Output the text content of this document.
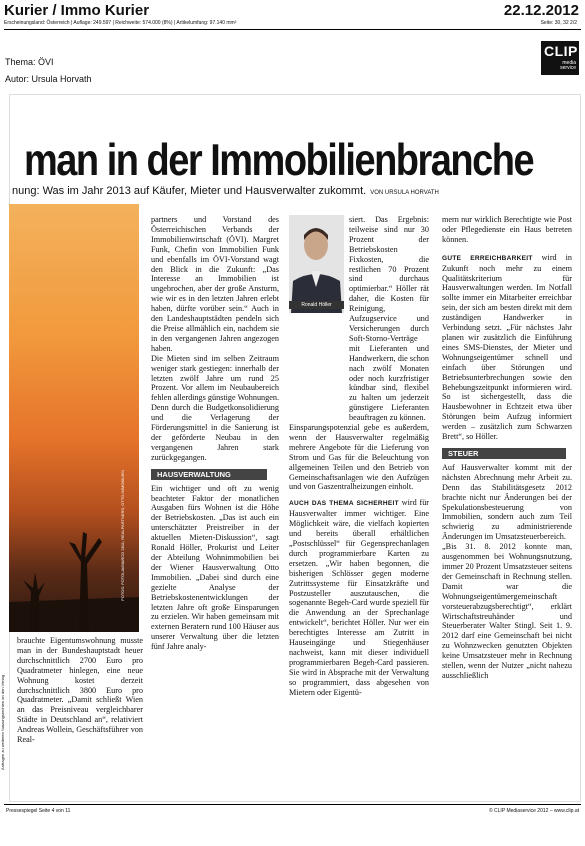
Kurier / Immo Kurier	22.12.2012
Erscheinungsland: Österreich | Auflage: 249.597 | Reichweite: 574.000 (8%) | Artikelumfang: 97.140 mm²	Seite: 30, 32 2/2
CLIP
media
service
Thema: ÖVI
Autor: Ursula Horvath
man in der Immobilienbranche
nung: Was im Jahr 2013 auf Käufer, Mieter und Hausverwalter zukommt. VON URSULA HORVATH
FOTOS: FOTOLIA/MARCO 2811; REALPARTNERS; OTTO IMMOBILIEN
Ronald Höller

partners und Vorstand des Österreichischen Verbands der Immobilienwirtschaft (ÖVI). Margret Funk, Chefin von Immobilien Funk und ebenfalls im ÖVI-Vorstand wagt den Blick in die Zukunft: „Das Interesse an Immobilien ist ungebrochen, aber der große Ansturm, wie wir es in den letzten Jahren erlebt haben, dürfte vorüber sein.“ Auch in den Landeshauptstädten pendeln sich die Preise allmählich ein, nachdem sie in den vergangenen Jahren angezogen haben.

Die Mieten sind im selben Zeitraum weniger stark gestiegen: innerhalb der letzten zwölf Jahre um rund 25 Prozent. Vor allem im Neubaubereich fehlen allerdings günstige Wohnungen. Denn durch die Budgetkonsolidierung und die Verlagerung der Förderungsmittel in die Sanierung ist der geförderte Neubau in den vergangenen Jahren stark zurückgegangen.

HAUSVERWALTUNG

Ein wichtiger und oft zu wenig beachteter Faktor der monatlichen Ausgaben fürs Wohnen ist die Höhe der Betriebskosten. „Das ist auch ein unterschätzter Preistreiber in der aktuellen Mieten-Diskussion“, sagt Ronald Höller, Prokurist und Leiter der Abteilung Wohnimmobilien bei der Wiener Hausverwaltung Otto Immobilien. „Dabei sind durch eine gezielte Analyse der Betriebskostenentwicklungen der letzten Jahre oft große Einsparungen zu erzielen. Wir haben gemeinsam mit externen Beratern rund 100 Häuser aus unserer Verwaltung über die letzten fünf Jahre analy-

brauchte Eigentumswohnung musste man in der Bundeshauptstadt heuer durchschnittlich 2700 Euro pro Quadratmeter hinlegen, eine neue Wohnung kostet derzeit durchschnittlich 3800 Euro pro Quadratmeter. „Damit schließt Wien an das Preisniveau vergleichbarer Städte in Deutschland an“, relativiert Andreas Wollein, Geschäftsführer von Real-

siert. Das Ergebnis: teilweise sind nur 30 Prozent der Betriebskosten Fixkosten, die restlichen 70 Prozent sind durchaus optimierbar.“ Höller rät daher, die Kosten für Reinigung, Aufzugservice und Versicherungen durch Soft-Storno-Verträge mit Lieferanten und Handwerkern, die schon nach zwölf Monaten oder noch kurzfristiger kündbar sind, flexibel zu halten um jederzeit günstigere Lieferanten beauftragen zu können.

Einsparungspotenzial gebe es außerdem, wenn der Hausverwalter regelmäßig mehrere Angebote für die Lieferung von Strom und Gas für die Beleuchtung von allgemeinen Teilen und den Betrieb von Gemeinschaftsanlagen wie den Aufzügen und von Gaszentralheizungen einholt.

AUCH DAS THEMA SICHERHEIT wird für Hausverwalter immer wichtiger. Eine Möglichkeit wäre, die vielfach kopierten und bereits überall erhältlichen „Postschlüssel“ für Gegensprechanlagen durch programmierbare Karten zu ersetzen. „Wir haben begonnen, die bisherigen Schlösser gegen moderne Zutrittssysteme für Einsatzkräfte und Postzusteller auszutauschen, die sogenannte Begeh-Card wurde speziell für die Anwendung an der Sprechanlage entwickelt“, berichtet Höller. Nur wer ein berechtigtes Interesse am Zutritt in Hauseingänge und Stiegenhäuser nachweist, kann mit dieser individuell programmierbaren Begeh-Card passieren. Sie wird in Absprache mit der Verwaltung so programmiert, dass abgesehen von Mietern oder Eigentü-

mern nur wirklich Berechtigte wie Post oder Pflegedienste ein Haus betreten können.

GUTE ERREICHBARKEIT wird in Zukunft noch mehr zu einem Qualitätskriterium für Hausverwaltungen werden. Im Notfall sollte immer ein Mitarbeiter erreichbar sein, der sich am besten direkt mit dem zuständigen Handwerker in Verbindung setzt. „Für nächstes Jahr planen wir zusätzlich die Einführung eines SMS-Dienstes, der Mieter und Wohnungseigentümer schnell und einfach über Störungen und Betriebsunterbrechungen sowie den Behebungszeitpunkt informieren wird. So ist sichergestellt, dass die Hausbewohner in Echtzeit etwa über Störungen beim Aufzug informiert werden – zusätzlich zum Schwarzen Brett“, so Höller.

STEUER

Auf Hausverwalter kommt mit der nächsten Abrechnung mehr Arbeit zu. Denn das Stabilitätsgesetz 2012 brachte nicht nur Änderungen bei der Spekulationsbesteuerung von Immobilien, sondern auch zum Teil schwierig zu administrierende Änderungen im Umsatzsteuerbereich.

„Bis 31. 8. 2012 konnte man, ausgenommen bei Wohnungsnutzung, immer 20 Prozent Umsatzsteuer seitens der Gemeinschaft in Rechnung stellen. Damit war die Wohnungseigentümergemeinschaft vorsteuerabzugsberechtigt“, erklärt Wirtschaftstreuhänder und Steuerberater Walter Stingl. Seit 1. 9. 2012 darf eine Gemeinschaft bei nicht zu Wohnzwecken genutzten Objekten keine Umsatzsteuer mehr in Rechnung stellen, wenn der Nutzer „nicht nahezu ausschließlich

Anfragen zu weiteren Nutzungsrechten an den Verlag
Pressespiegel Seite 4 von 11	© CLIP Mediaservice 2012 – www.clip.at
